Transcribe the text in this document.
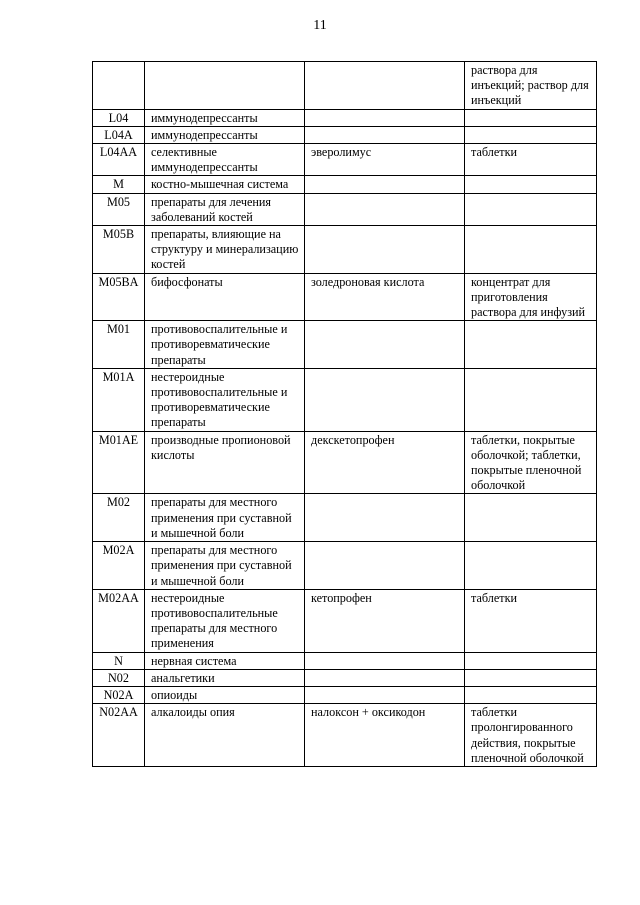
11
			раствора для инъекций; раствор для инъекций
L04	иммунодепрессанты		
L04A	иммунодепрессанты		
L04AA	селективные иммунодепрессанты	эверолимус	таблетки
M	костно-мышечная система		
M05	препараты для лечения заболеваний костей		
M05B	препараты, влияющие на структуру и минерализацию костей		
M05BA	бифосфонаты	золедроновая кислота	концентрат для приготовления раствора для инфузий
M01	противовоспалительные и противоревматические препараты		
M01A	нестероидные противовоспалительные и противоревматические препараты		
M01AE	производные пропионовой кислоты	декскетопрофен	таблетки, покрытые оболочкой; таблетки, покрытые пленочной оболочкой
M02	препараты для местного применения при суставной и мышечной боли		
M02A	препараты для местного применения при суставной и мышечной боли		
M02AA	нестероидные противовоспалительные препараты для местного применения	кетопрофен	таблетки
N	нервная система		
N02	анальгетики		
N02A	опиоиды		
N02AA	алкалоиды опия	налоксон + оксикодон	таблетки пролонгированного действия, покрытые пленочной оболочкой
